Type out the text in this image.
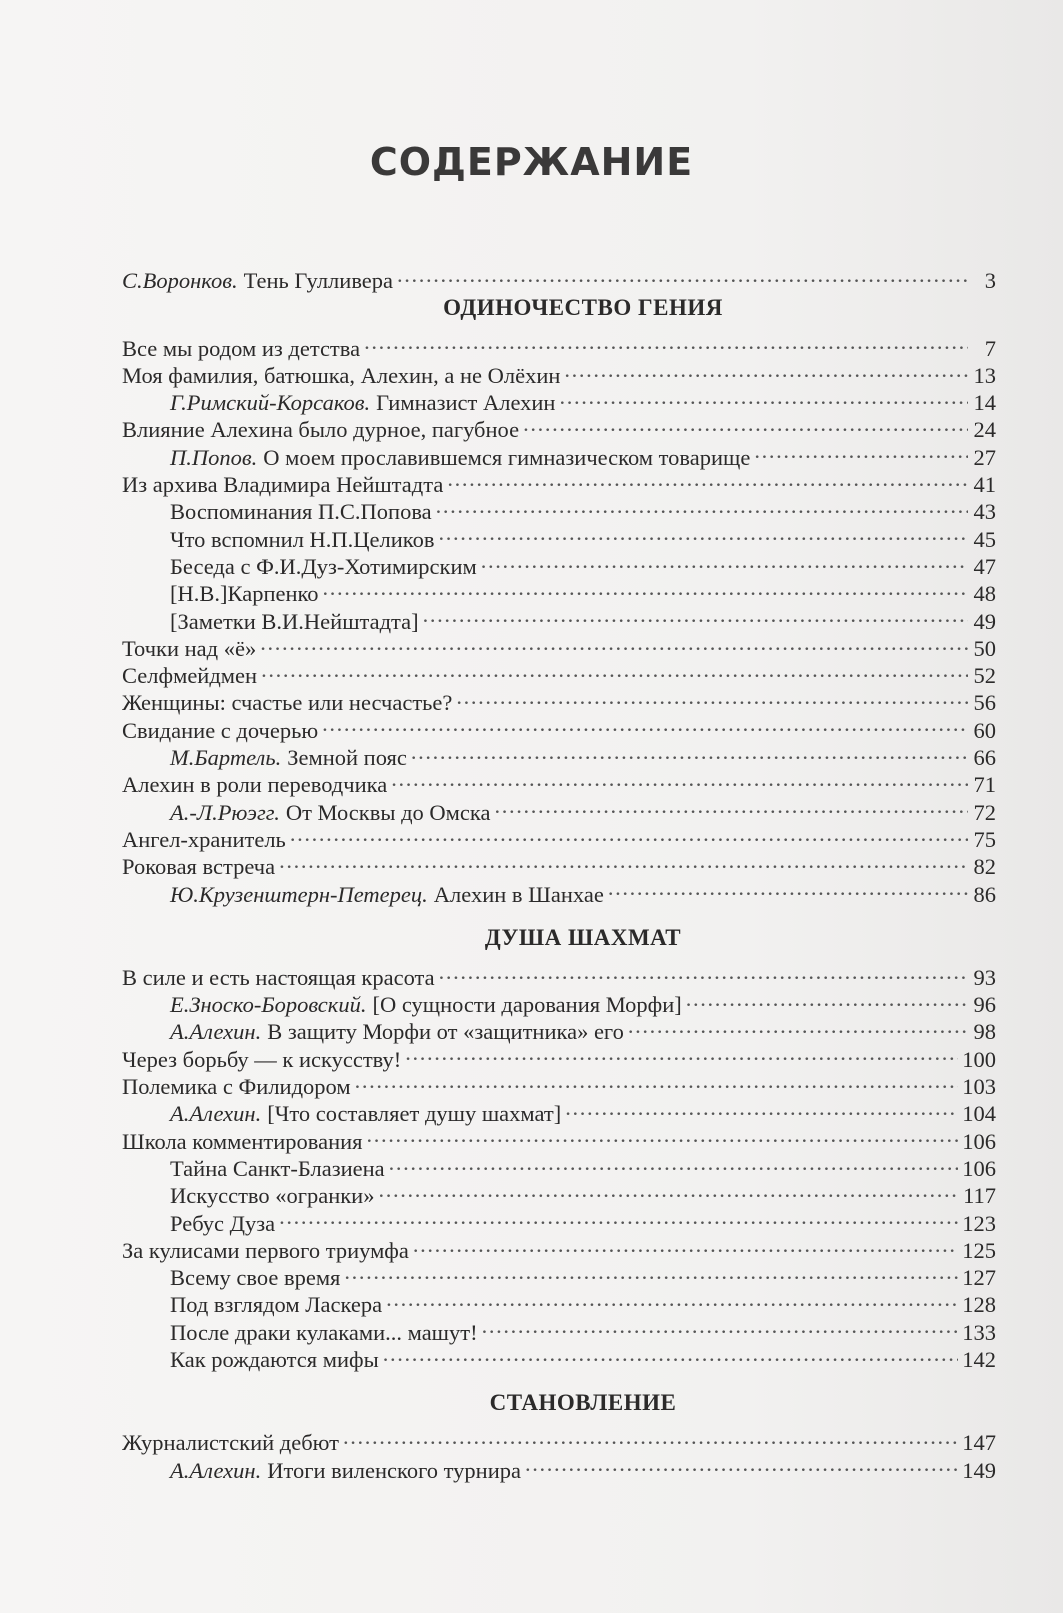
СОДЕРЖАНИЕ
С.Воронков. Тень Гулливера . . .	3
ОДИНОЧЕСТВО ГЕНИЯ
Все мы родом из детства . . .	7
Моя фамилия, батюшка, Алехин, а не Олёхин . . .	13
Г.Римский-Корсаков. Гимназист Алехин . . .	14
Влияние Алехина было дурное, пагубное . . .	24
П.Попов. О моем прославившемся гимназическом товарище . . .	27
Из архива Владимира Нейштадта . . .	41
Воспоминания П.С.Попова . . .	43
Что вспомнил Н.П.Целиков . . .	45
Беседа с Ф.И.Дуз-Хотимирским . . .	47
[Н.В.]Карпенко . . .	48
[Заметки В.И.Нейштадта] . . .	49
Точки над «ё» . . .	50
Селфмейдмен . . .	52
Женщины: счастье или несчастье? . . .	56
Свидание с дочерью . . .	60
М.Бартель. Земной пояс . . .	66
Алехин в роли переводчика . . .	71
А.-Л.Рюэгг. От Москвы до Омска . . .	72
Ангел-хранитель . . .	75
Роковая встреча . . .	82
Ю.Крузенштерн-Петерец. Алехин в Шанхае . . .	86
ДУША ШАХМАТ
В силе и есть настоящая красота . . .	93
Е.Зноско-Боровский. [О сущности дарования Морфи] . . .	96
А.Алехин. В защиту Морфи от «защитника» его . . .	98
Через борьбу — к искусству! . . .	100
Полемика с Филидором . . .	103
А.Алехин. [Что составляет душу шахмат] . . .	104
Школа комментирования . . .	106
Тайна Санкт-Блазиена . . .	106
Искусство «огранки» . . .	117
Ребус Дуза . . .	123
За кулисами первого триумфа . . .	125
Всему свое время . . .	127
Под взглядом Ласкера . . .	128
После драки кулаками... машут! . . .	133
Как рождаются мифы . . .	142
СТАНОВЛЕНИЕ
Журналистский дебют . . .	147
А.Алехин. Итоги виленского турнира . . .	149
